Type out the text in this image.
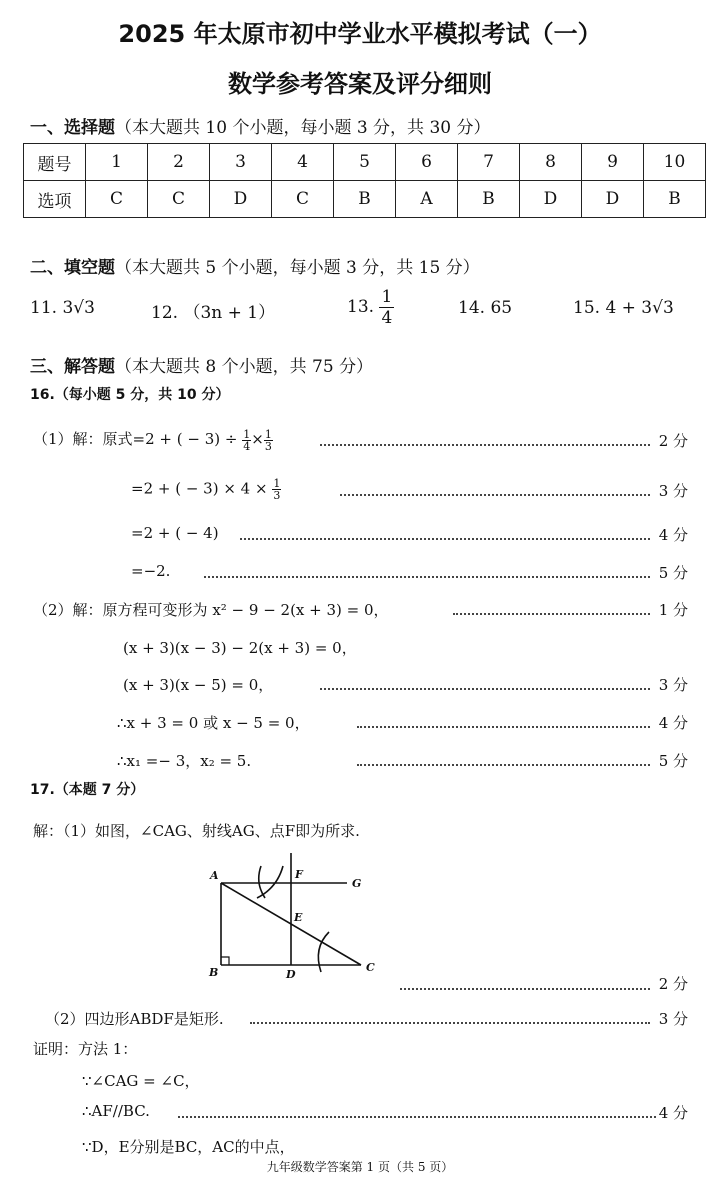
2025 年太原市初中学业水平模拟考试（一）
数学参考答案及评分细则
一、选择题（本大题共 10 个小题，每小题 3 分，共 30 分）
题号	1	2	3	4	5	6	7	8	9	10
选项	C	C	D	C	B	A	B	D	D	B
二、填空题（本大题共 5 个小题，每小题 3 分，共 15 分）
11. 3√3	12. （3n + 1）	13. $\frac{1}{4}$	14. 65	15. 4 + 3√3
三、解答题（本大题共 8 个小题，共 75 分）
16.（每小题 5 分，共 10 分）
（1）解：原式=2 + ( − $3) \div \frac{1}{4} \times \frac{1}{3}$	2 分
=2 + ( − $3) \times 4 \times \frac{1}{3}$	3 分
=2 + ( − 4)	4 分
=−2.	5 分
（2）解：原方程可变形为 x² − 9 − 2(x + 3) = 0，	1 分
(x + 3)(x − 3) − 2(x + 3) = 0，
(x + 3)(x − 5) = 0，	3 分
∴x + 3 = 0 或 x − 5 = 0，	4 分
∴x₁ =− 3，x₂ = 5.	5 分
17.（本题 7 分）
解：（1）如图，∠CAG、射线AG、点F即为所求.
A
B	C
D
E
F
G
2 分
（2）四边形ABDF是矩形.	3 分
证明：方法 1：
∵∠CAG = ∠C，
∴AF//BC.	4 分
∵D，E分别是BC，AC的中点，
九年级数学答案第 1 页（共 5 页）
